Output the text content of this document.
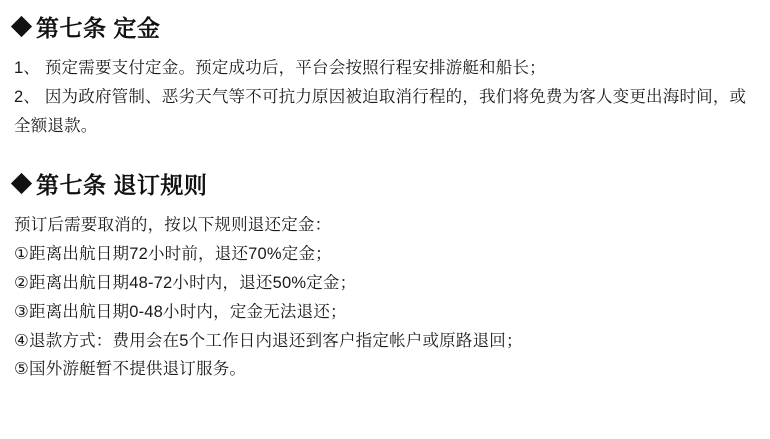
第七条 定金

1、 预定需要支付定金。预定成功后，平台会按照行程安排游艇和船长；

2、 因为政府管制、恶劣天气等不可抗力原因被迫取消行程的，我们将免费为客人变更出海时间，或全额退款。

第七条 退订规则

预订后需要取消的，按以下规则退还定金：

①距离出航日期72小时前，退还70%定金；

②距离出航日期48-72小时内，退还50%定金；

③距离出航日期0-48小时内，定金无法退还；

④退款方式：费用会在5个工作日内退还到客户指定帐户或原路退回；

⑤国外游艇暂不提供退订服务。
